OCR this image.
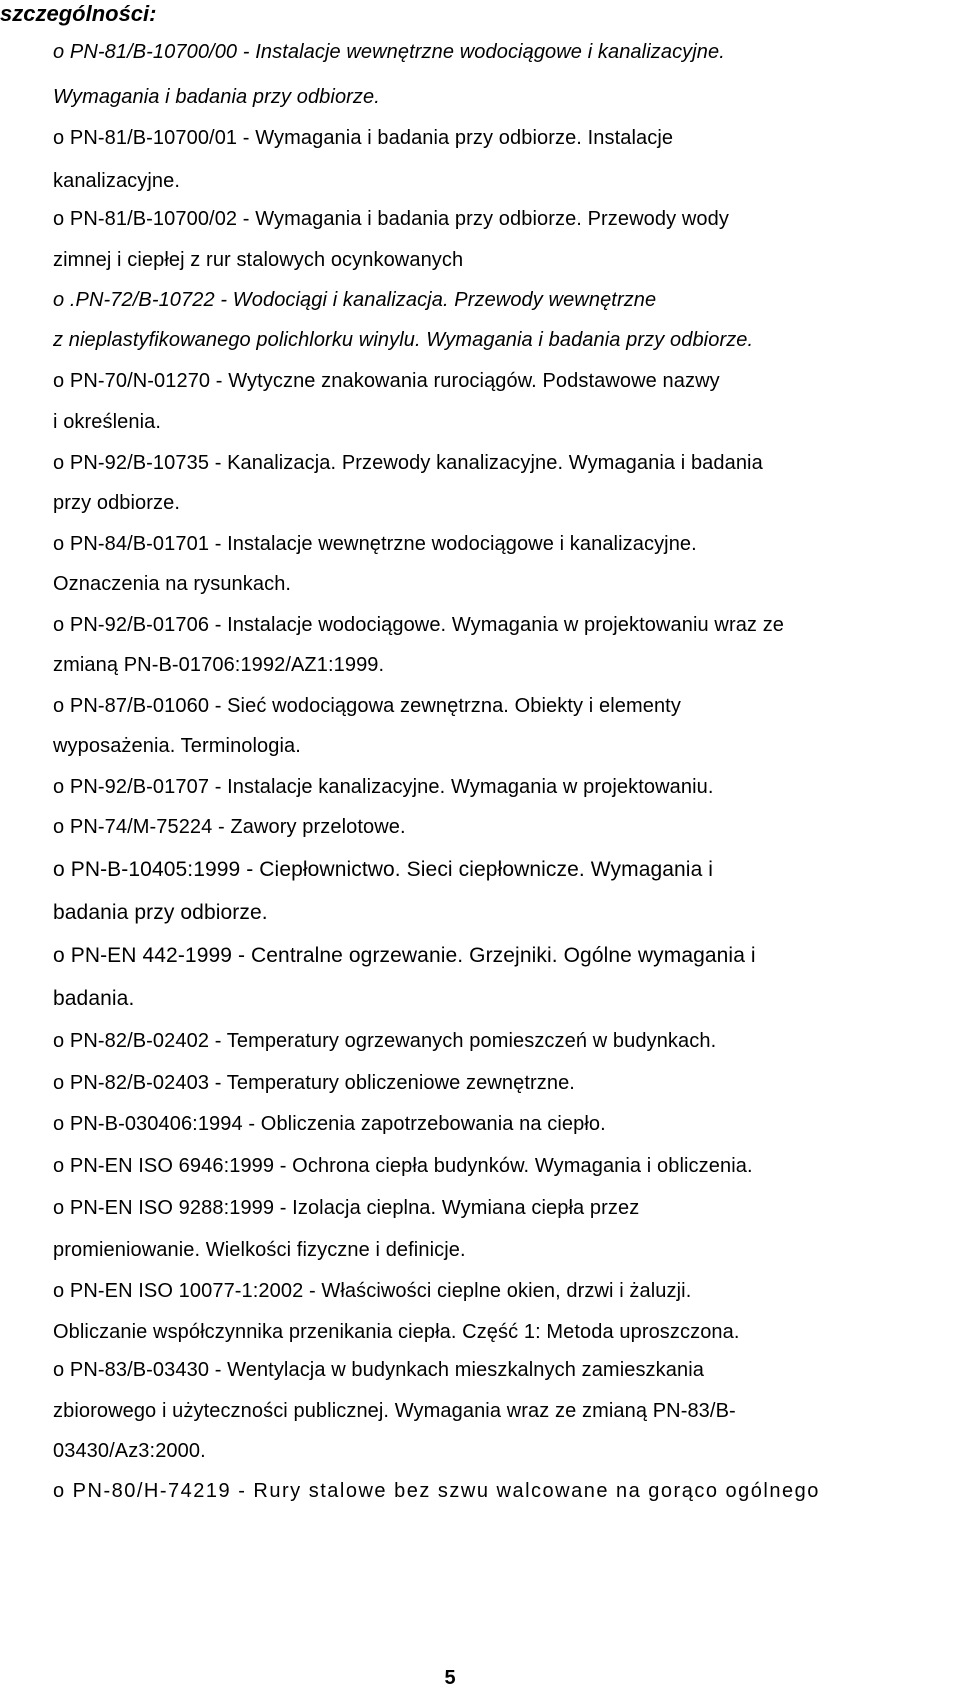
szczególności:
o PN-81/B-10700/00 - Instalacje wewnętrzne wodociągowe i kanalizacyjne.
Wymagania i badania przy odbiorze.
o PN-81/B-10700/01 - Wymagania i badania przy odbiorze. Instalacje
kanalizacyjne.
o PN-81/B-10700/02 - Wymagania i badania przy odbiorze. Przewody wody
zimnej i ciepłej z rur stalowych ocynkowanych
o .PN-72/B-10722 - Wodociągi i kanalizacja. Przewody wewnętrzne
z nieplastyfikowanego polichlorku winylu. Wymagania i badania przy odbiorze.
o PN-70/N-01270 - Wytyczne znakowania rurociągów. Podstawowe nazwy
i określenia.
o PN-92/B-10735 - Kanalizacja. Przewody kanalizacyjne. Wymagania i badania
przy odbiorze.
o PN-84/B-01701 - Instalacje wewnętrzne wodociągowe i kanalizacyjne.
Oznaczenia na rysunkach.
o PN-92/B-01706 - Instalacje wodociągowe. Wymagania w projektowaniu wraz ze
zmianą PN-B-01706:1992/AZ1:1999.
o PN-87/B-01060 - Sieć wodociągowa zewnętrzna. Obiekty i elementy
wyposażenia. Terminologia.
o PN-92/B-01707 - Instalacje kanalizacyjne. Wymagania w projektowaniu.
o PN-74/M-75224 - Zawory przelotowe.
o PN-B-10405:1999 - Ciepłownictwo. Sieci ciepłownicze. Wymagania i
badania przy odbiorze.
o PN-EN 442-1999 - Centralne ogrzewanie. Grzejniki. Ogólne wymagania i
badania.
o PN-82/B-02402 - Temperatury ogrzewanych pomieszczeń w budynkach.
o PN-82/B-02403 - Temperatury obliczeniowe zewnętrzne.
o PN-B-030406:1994 - Obliczenia zapotrzebowania na ciepło.
o PN-EN ISO 6946:1999 - Ochrona ciepła budynków. Wymagania i obliczenia.
o PN-EN ISO 9288:1999 - Izolacja cieplna. Wymiana ciepła przez
promieniowanie. Wielkości fizyczne i definicje.
o PN-EN ISO 10077-1:2002 - Właściwości cieplne okien, drzwi i żaluzji.
Obliczanie współczynnika przenikania ciepła. Część 1: Metoda uproszczona.
o PN-83/B-03430 - Wentylacja w budynkach mieszkalnych zamieszkania
zbiorowego i użyteczności publicznej. Wymagania wraz ze zmianą PN-83/B-
03430/Az3:2000.
o PN-80/H-74219 - Rury stalowe bez szwu walcowane na gorąco ogólnego
5
